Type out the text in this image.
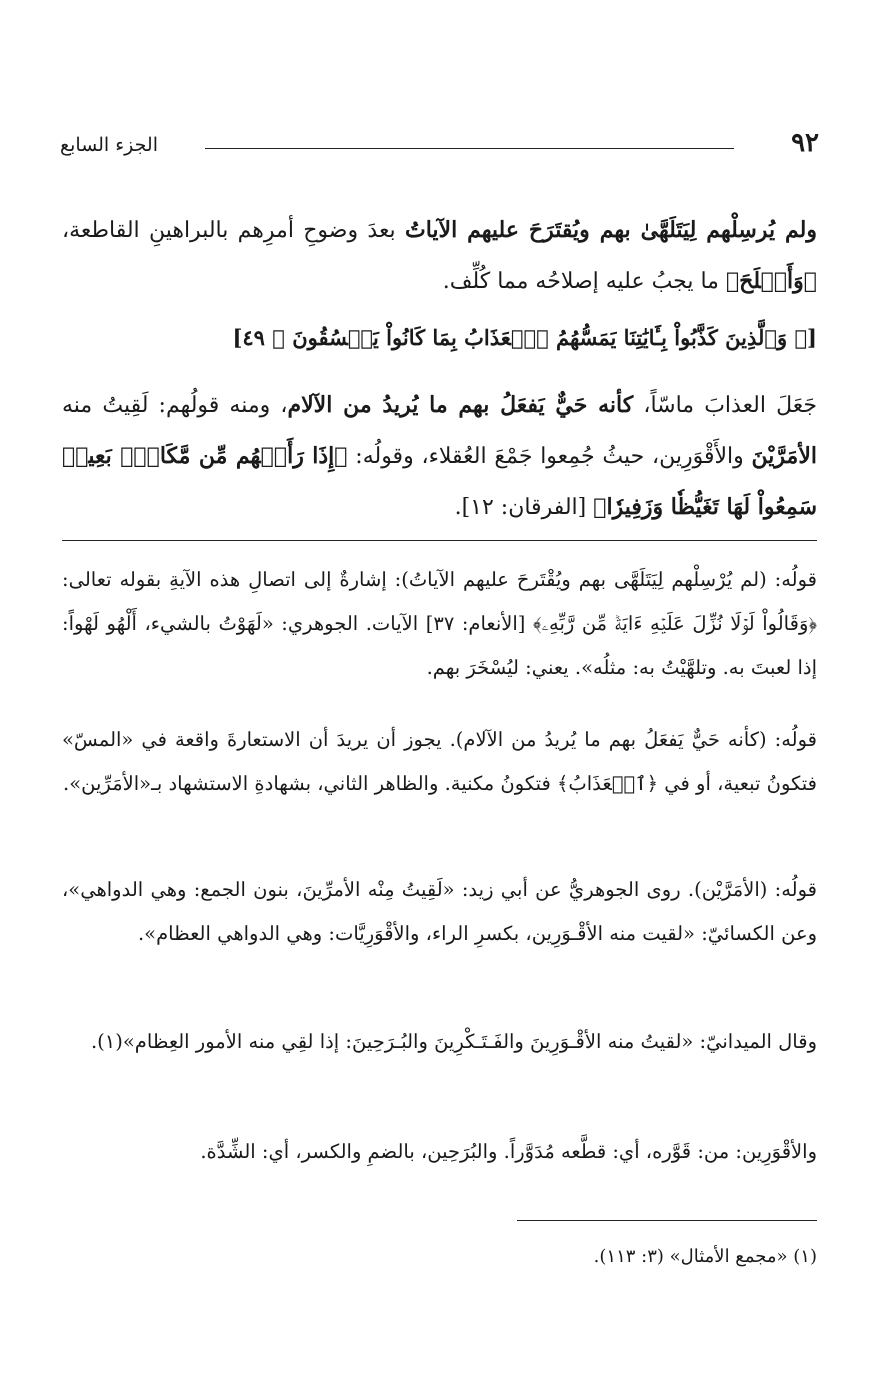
٩٢
الجزء السابع
ولم يُرسِلْهم لِيَتَلَهَّىٰ بهم ويُقتَرَحَ عليهم الآياتُ بعدَ وضوحِ أمرِهم بالبراهينِ القاطعة، ﴿وَأَصۡلَحَ﴾ ما يجبُ عليه إصلاحُه مما كُلِّف.
[﴿ وَٱلَّذِينَ كَذَّبُواْ بِـَٔايَٰتِنَا يَمَسُّهُمُ ٱلۡعَذَابُ بِمَا كَانُواْ يَفۡسُقُونَ ﴾ ٤٩]
جَعَلَ العذابَ ماسّاً، كأنه حَيٌّ يَفعَلُ بهم ما يُريدُ من الآلام، ومنه قولُهم: لَقِيتُ منه الأمَرَّيْنَ والأَقْوَرِين، حيثُ جُمِعوا جَمْعَ العُقلاء، وقولُه: ﴿إِذَا رَأَتۡهُم مِّن مَّكَانِۭ بَعِيدٖ سَمِعُواْ لَهَا تَغَيُّظٗا وَزَفِيرٗا﴾ [الفرقان: ١٢].
قولُه: (لم يُرْسِلْهم لِيَتَلَهَّى بهم ويُقْتَرحَ عليهم الآياتُ): إشارةٌ إلى اتصالِ هذه الآيةِ بقوله تعالى: ﴿وَقَالُواْ لَوۡلَا نُزِّلَ عَلَيۡهِ ءَايَةٞ مِّن رَّبِّهِۦ﴾ [الأنعام: ٣٧] الآيات. الجوهري: «لَهَوْتُ بالشيء، أَلْهُو لَهْواً: إذا لعبتَ به. وتلهَّيْتُ به: مثلُه». يعني: ليُسْخَرَ بهم.
قولُه: (كأنه حَيٌّ يَفعَلُ بهم ما يُريدُ من الآلام). يجوز أن يريدَ أن الاستعارةَ واقعة في «المسّ» فتكونُ تبعية، أو في ﴿ٱلۡعَذَابُ﴾ فتكونُ مكنية. والظاهر الثاني، بشهادةِ الاستشهاد بـ«الأمَرِّين».
قولُه: (الأمَرَّيْن). روى الجوهريُّ عن أبي زيد: «لَقِيتُ مِنْه الأمرِّينَ، بنون الجمع: وهي الدواهي»، وعن الكسائيّ: «لقيت منه الأقْـوَرِين، بكسرِ الراء، والأقْوَرِيَّات: وهي الدواهي العظام».
وقال الميدانيّ: «لقيتُ منه الأقْـوَرِينَ والفَـتَـكْرِينَ والبُـرَحِينَ: إذا لقِي منه الأمور العِظام»(١).
والأقْوَرِين: من: قَوَّره، أي: قطَّعه مُدَوَّراً. والبُرَحِين، بالضمِ والكسر، أي: الشِّدَّة.
(١) «مجمع الأمثال» (٣: ١١٣).
